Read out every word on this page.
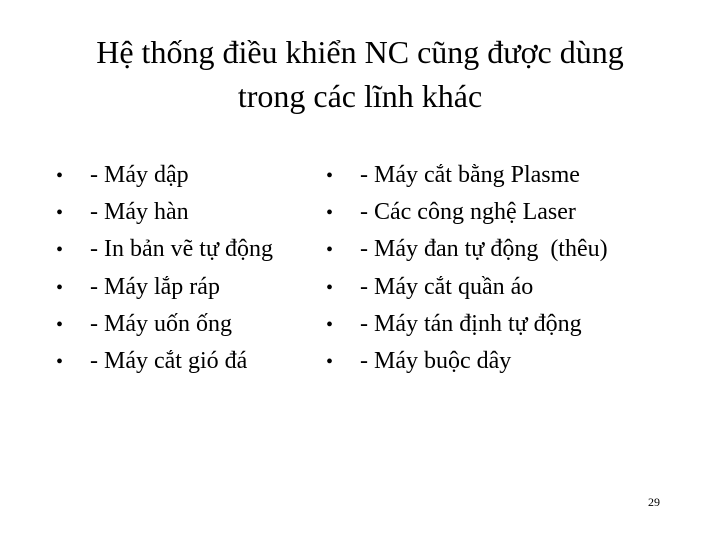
Hệ thống điều khiển NC cũng được dùng
trong các lĩnh khác
•	- Máy dập
•	- Máy hàn
•	- In bản vẽ tự động
•	- Máy lắp ráp
•	- Máy uốn ống
•	- Máy cắt gió đá
•	- Máy cắt bằng Plasme
•	- Các công nghệ Laser
•	- Máy đan tự động  (thêu)
•	- Máy cắt quần áo
•	- Máy tán định tự động
•	- Máy buộc dây
29
